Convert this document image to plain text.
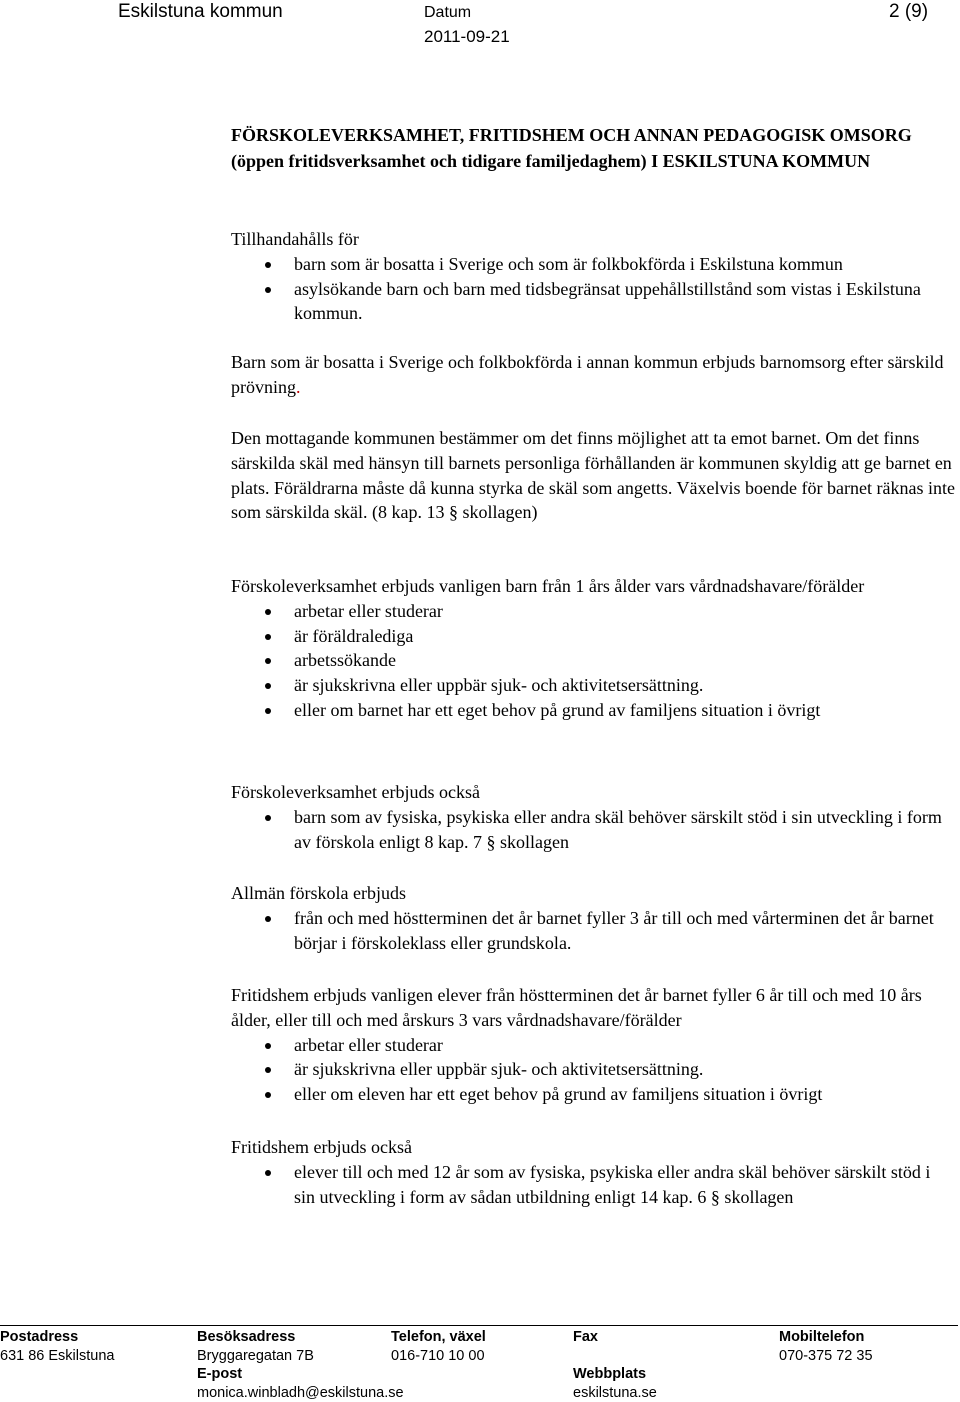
Eskilstuna kommun	Datum
2011-09-21
2 (9)
FÖRSKOLEVERKSAMHET, FRITIDSHEM OCH ANNAN PEDAGOGISK OMSORG (öppen fritidsverksamhet och tidigare familjedaghem) I ESKILSTUNA KOMMUN

Tillhandahålls för

barn som är bosatta i Sverige och som är folkbokförda i Eskilstuna kommun
asylsökande barn och barn med tidsbegränsat uppehållstillstånd som vistas i Eskilstuna kommun.

Barn som är bosatta i Sverige och folkbokförda i annan kommun erbjuds barnomsorg efter särskild prövning.

Den mottagande kommunen bestämmer om det finns möjlighet att ta emot barnet. Om det finns särskilda skäl med hänsyn till barnets personliga förhållanden är kommunen skyldig att ge barnet en plats. Föräldrarna måste då kunna styrka de skäl som angetts. Växelvis boende för barnet räknas inte som särskilda skäl. (8 kap. 13 § skollagen)

Förskoleverksamhet erbjuds vanligen barn från 1 års ålder vars vårdnadshavare/förälder

arbetar eller studerar
är föräldralediga
arbetssökande
är sjukskrivna eller uppbär sjuk- och aktivitetsersättning.
eller om barnet har ett eget behov på grund av familjens situation i övrigt

Förskoleverksamhet erbjuds också

barn som av fysiska, psykiska eller andra skäl behöver särskilt stöd i sin utveckling i form av förskola enligt 8 kap. 7 § skollagen

Allmän förskola erbjuds

från och med höstterminen det år barnet fyller 3 år till och med vårterminen det år barnet börjar i förskoleklass eller grundskola.

Fritidshem erbjuds vanligen elever från höstterminen det år barnet fyller 6 år till och med 10 års ålder, eller till och med årskurs 3 vars vårdnadshavare/förälder

arbetar eller studerar
är sjukskrivna eller uppbär sjuk- och aktivitetsersättning.
eller om eleven har ett eget behov på grund av familjens situation i övrigt

Fritidshem erbjuds också

elever till och med 12 år som av fysiska, psykiska eller andra skäl behöver särskilt stöd i sin utveckling i form av sådan utbildning enligt 14 kap. 6 § skollagen
Postadress
631 86 Eskilstuna
Besöksadress
Bryggaregatan 7B
E-post
monica.winbladh@eskilstuna.se
Telefon, växel
016-710 10 00
Fax

Webbplats
eskilstuna.se
Mobiltelefon
070-375 72 35
